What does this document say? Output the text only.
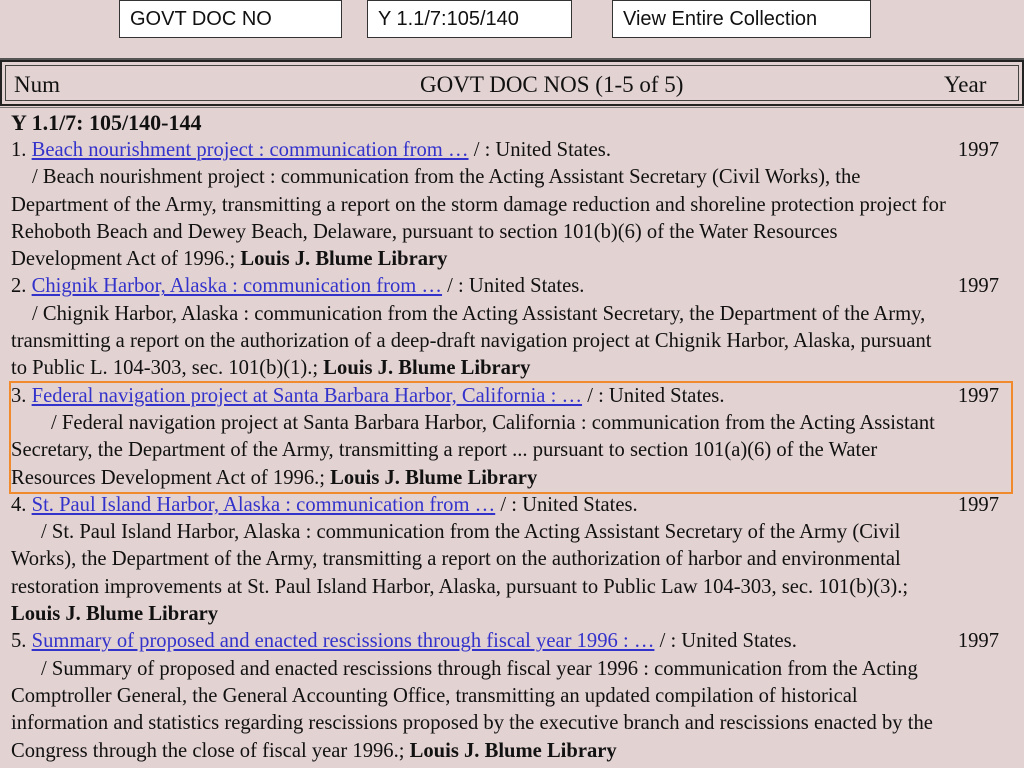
GOVT DOC NO	Y 1.1/7:105/140	View Entire Collection
Num	GOVT DOC NOS (1-5 of 5)	Year
Y 1.1/7: 105/140-144
1. Beach nourishment project : communication from … / : United States.	1997
/ Beach nourishment project : communication from the Acting Assistant Secretary (Civil Works), the Department of the Army, transmitting a report on the storm damage reduction and shoreline protection project for Rehoboth Beach and Dewey Beach, Delaware, pursuant to section 101(b)(6) of the Water Resources Development Act of 1996.; Louis J. Blume Library
2. Chignik Harbor, Alaska : communication from … / : United States.	1997
/ Chignik Harbor, Alaska : communication from the Acting Assistant Secretary, the Department of the Army, transmitting a report on the authorization of a deep-draft navigation project at Chignik Harbor, Alaska, pursuant to Public L. 104-303, sec. 101(b)(1).; Louis J. Blume Library
3. Federal navigation project at Santa Barbara Harbor, California : … / : United States.	1997
/ Federal navigation project at Santa Barbara Harbor, California : communication from the Acting Assistant Secretary, the Department of the Army, transmitting a report ... pursuant to section 101(a)(6) of the Water Resources Development Act of 1996.; Louis J. Blume Library
4. St. Paul Island Harbor, Alaska : communication from … / : United States.	1997
/ St. Paul Island Harbor, Alaska : communication from the Acting Assistant Secretary of the Army (Civil Works), the Department of the Army, transmitting a report on the authorization of harbor and environmental restoration improvements at St. Paul Island Harbor, Alaska, pursuant to Public Law 104-303, sec. 101(b)(3).; Louis J. Blume Library
5. Summary of proposed and enacted rescissions through fiscal year 1996 : … / : United States.	1997
/ Summary of proposed and enacted rescissions through fiscal year 1996 : communication from the Acting Comptroller General, the General Accounting Office, transmitting an updated compilation of historical information and statistics regarding rescissions proposed by the executive branch and rescissions enacted by the Congress through the close of fiscal year 1996.; Louis J. Blume Library
